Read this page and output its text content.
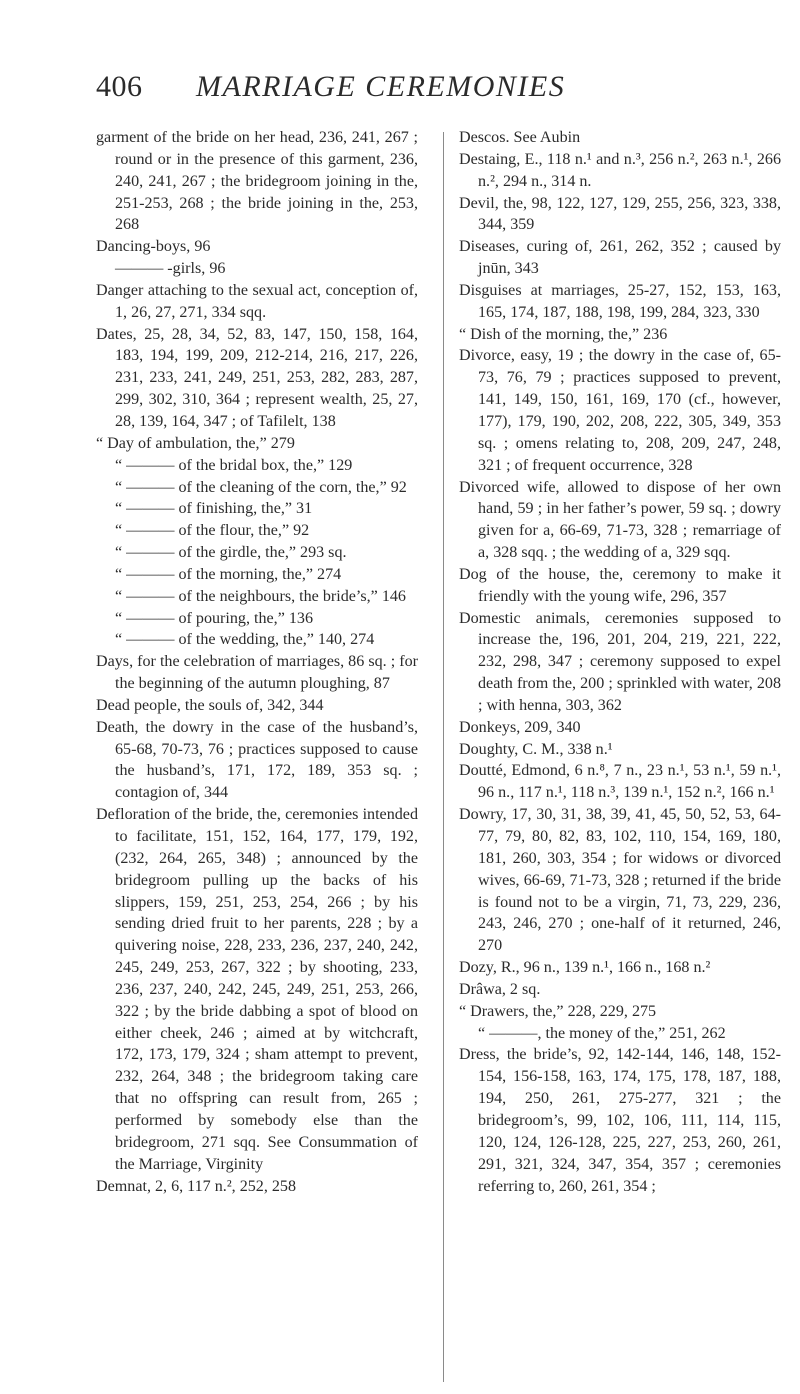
406 MARRIAGE CEREMONIES
garment of the bride on her head, 236, 241, 267 ; round or in the presence of this garment, 236, 240, 241, 267 ; the bridegroom joining in the, 251-253, 268 ; the bride joining in the, 253, 268
Dancing-boys, 96
——— -girls, 96
Danger attaching to the sexual act, conception of, 1, 26, 27, 271, 334 sqq.
Dates, 25, 28, 34, 52, 83, 147, 150, 158, 164, 183, 194, 199, 209, 212-214, 216, 217, 226, 231, 233, 241, 249, 251, 253, 282, 283, 287, 299, 302, 310, 364 ; represent wealth, 25, 27, 28, 139, 164, 347 ; of Tafilelt, 138
“ Day of ambulation, the,” 279
“ ——— of the bridal box, the,” 129
“ ——— of the cleaning of the corn, the,” 92
“ ——— of finishing, the,” 31
“ ——— of the flour, the,” 92
“ ——— of the girdle, the,” 293 sq.
“ ——— of the morning, the,” 274
“ ——— of the neighbours, the bride’s,” 146
“ ——— of pouring, the,” 136
“ ——— of the wedding, the,” 140, 274
Days, for the celebration of marriages, 86 sq. ; for the beginning of the autumn ploughing, 87
Dead people, the souls of, 342, 344
Death, the dowry in the case of the husband’s, 65-68, 70-73, 76 ; practices supposed to cause the husband’s, 171, 172, 189, 353 sq. ; contagion of, 344
Defloration of the bride, the, ceremonies intended to facilitate, 151, 152, 164, 177, 179, 192, (232, 264, 265, 348) ; announced by the bridegroom pulling up the backs of his slippers, 159, 251, 253, 254, 266 ; by his sending dried fruit to her parents, 228 ; by a quivering noise, 228, 233, 236, 237, 240, 242, 245, 249, 253, 267, 322 ; by shooting, 233, 236, 237, 240, 242, 245, 249, 251, 253, 266, 322 ; by the bride dabbing a spot of blood on either cheek, 246 ; aimed at by witchcraft, 172, 173, 179, 324 ; sham attempt to prevent, 232, 264, 348 ; the bridegroom taking care that no offspring can result from, 265 ; performed by somebody else than the bridegroom, 271 sqq. See Consummation of the Marriage, Virginity
Demnat, 2, 6, 117 n.², 252, 258
Descos. See Aubin
Destaing, E., 118 n.¹ and n.³, 256 n.², 263 n.¹, 266 n.², 294 n., 314 n.
Devil, the, 98, 122, 127, 129, 255, 256, 323, 338, 344, 359
Diseases, curing of, 261, 262, 352 ; caused by jnūn, 343
Disguises at marriages, 25-27, 152, 153, 163, 165, 174, 187, 188, 198, 199, 284, 323, 330
“ Dish of the morning, the,” 236
Divorce, easy, 19 ; the dowry in the case of, 65-73, 76, 79 ; practices supposed to prevent, 141, 149, 150, 161, 169, 170 (cf., however, 177), 179, 190, 202, 208, 222, 305, 349, 353 sq. ; omens relating to, 208, 209, 247, 248, 321 ; of frequent occurrence, 328
Divorced wife, allowed to dispose of her own hand, 59 ; in her father’s power, 59 sq. ; dowry given for a, 66-69, 71-73, 328 ; remarriage of a, 328 sqq. ; the wedding of a, 329 sqq.
Dog of the house, the, ceremony to make it friendly with the young wife, 296, 357
Domestic animals, ceremonies supposed to increase the, 196, 201, 204, 219, 221, 222, 232, 298, 347 ; ceremony supposed to expel death from the, 200 ; sprinkled with water, 208 ; with henna, 303, 362
Donkeys, 209, 340
Doughty, C. M., 338 n.¹
Doutté, Edmond, 6 n.⁸, 7 n., 23 n.¹, 53 n.¹, 59 n.¹, 96 n., 117 n.¹, 118 n.³, 139 n.¹, 152 n.², 166 n.¹
Dowry, 17, 30, 31, 38, 39, 41, 45, 50, 52, 53, 64-77, 79, 80, 82, 83, 102, 110, 154, 169, 180, 181, 260, 303, 354 ; for widows or divorced wives, 66-69, 71-73, 328 ; returned if the bride is found not to be a virgin, 71, 73, 229, 236, 243, 246, 270 ; one-half of it returned, 246, 270
Dozy, R., 96 n., 139 n.¹, 166 n., 168 n.²
Drâwa, 2 sq.
“ Drawers, the,” 228, 229, 275
“ ———, the money of the,” 251, 262
Dress, the bride’s, 92, 142-144, 146, 148, 152-154, 156-158, 163, 174, 175, 178, 187, 188, 194, 250, 261, 275-277, 321 ; the bridegroom’s, 99, 102, 106, 111, 114, 115, 120, 124, 126-128, 225, 227, 253, 260, 261, 291, 321, 324, 347, 354, 357 ; ceremonies referring to, 260, 261, 354 ;
